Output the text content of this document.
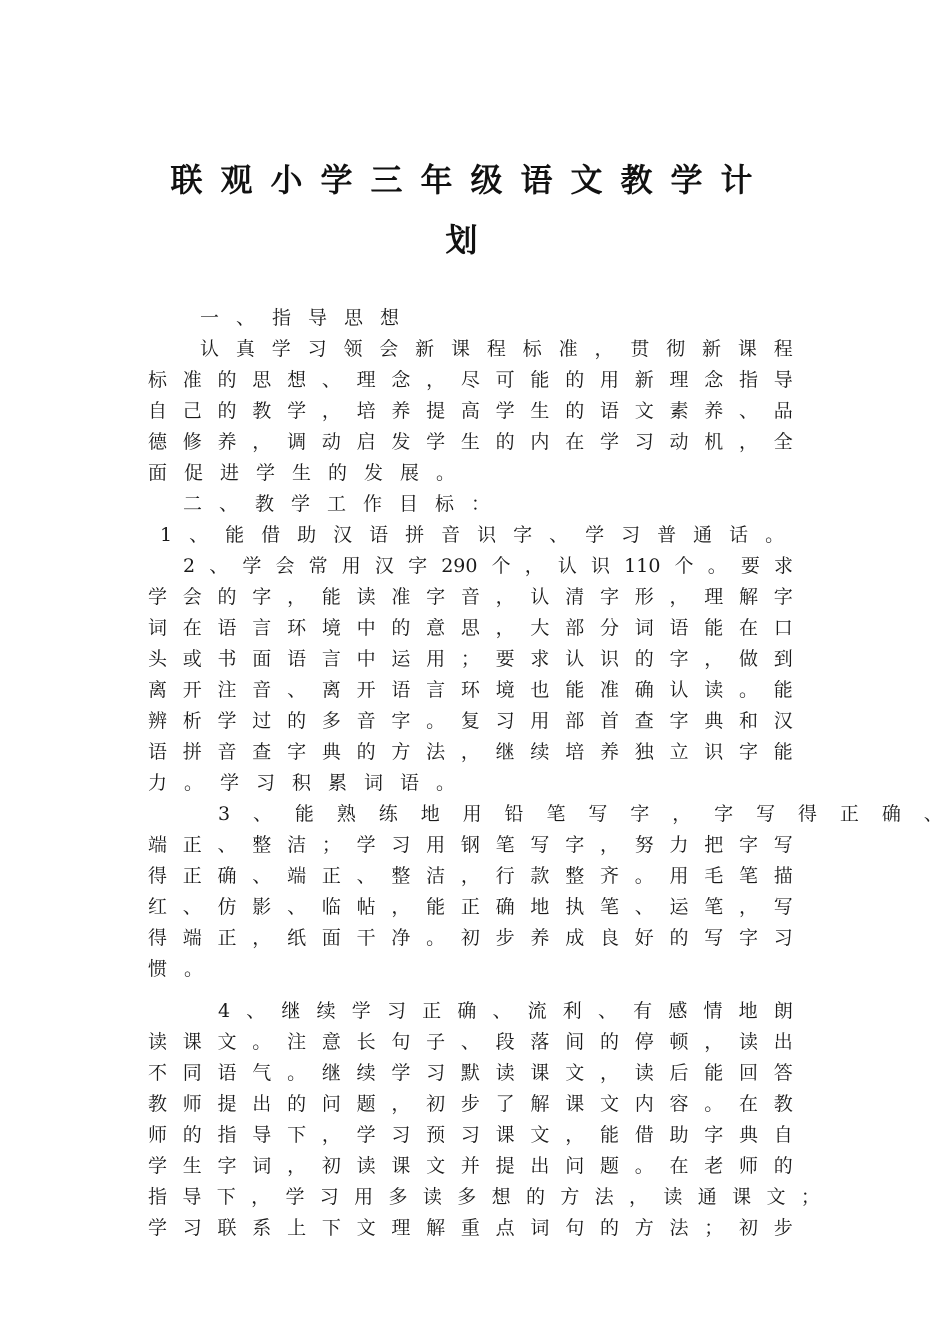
联观小学三年级语文教学计
划
一、指导思想
认 真 学 习 领 会 新 课 程 标 准 ， 贯 彻 新 课 程
标 准 的 思 想 、 理 念 ， 尽 可 能 的 用 新 理 念 指 导
自 己 的 教 学 ， 培 养 提 高 学 生 的 语 文 素 养 、 品
德 修 养 ， 调 动 启 发 学 生 的 内 在 学 习 动 机 ， 全
面促进学生的发展。
二、教学工作目标：
1、能借助汉语拼音识字、学习普通话。
2 、 学 会 常 用 汉 字 290 个 ， 认 识 110 个 。 要 求
学 会 的 字 ， 能 读 准 字 音 ， 认 清 字 形 ， 理 解 字
词 在 语 言 环 境 中 的 意 思 ， 大 部 分 词 语 能 在 口
头 或 书 面 语 言 中 运 用 ； 要 求 认 识 的 字 ， 做 到
离 开 注 音 、 离 开 语 言 环 境 也 能 准 确 认 读 。 能
辨 析 学 过 的 多 音 字 。 复 习 用 部 首 查 字 典 和 汉
语 拼 音 查 字 典 的 方 法 ， 继 续 培 养 独 立 识 字 能
力。学习积累词语。
3 、 能 熟 练 地 用 铅 笔 写 字 ， 字 写 得 正 确 、
端 正 、 整 洁 ； 学 习 用 钢 笔 写 字 ， 努 力 把 字 写
得 正 确 、 端 正 、 整 洁 ， 行 款 整 齐 。 用 毛 笔 描
红 、 仿 影 、 临 帖 ， 能 正 确 地 执 笔 、 运 笔 ， 写
得 端 正 ， 纸 面 干 净 。 初 步 养 成 良 好 的 写 字 习
惯。
4 、 继 续 学 习 正 确 、 流 利 、 有 感 情 地 朗
读 课 文 。 注 意 长 句 子 、 段 落 间 的 停 顿 ， 读 出
不 同 语 气 。 继 续 学 习 默 读 课 文 ， 读 后 能 回 答
教 师 提 出 的 问 题 ， 初 步 了 解 课 文 内 容 。 在 教
师 的 指 导 下 ， 学 习 预 习 课 文 ， 能 借 助 字 典 自
学 生 字 词 ， 初 读 课 文 并 提 出 问 题 。 在 老 师 的
指 导 下 ， 学 习 用 多 读 多 想 的 方 法 ， 读 通 课 文 ；
学 习 联 系 上 下 文 理 解 重 点 词 句 的 方 法 ； 初 步
